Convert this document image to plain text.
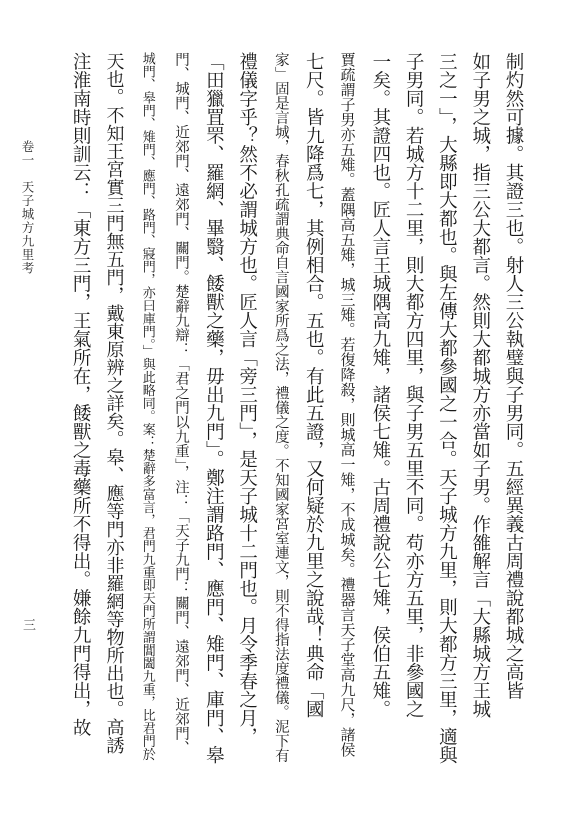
卷一　天子城方九里考
三	制灼然可據。其證三也。射人三公執璧與子男同。五經異義古周禮說都城之高皆
如子男之城，指三公大都言。然則大都城方亦當如子男。作雒解言「大縣城方王城
三之一」，大縣即大都也。與左傳大都參國之一合。天子城方九里，則大都方三里，適與
子男同。若城方十二里，則大都方四里，與子男五里不同。苟亦方五里，非參國之
一矣。其證四也。匠人言王城隅高九雉，諸侯七雉。古周禮說公七雉，侯伯五雉。
賈疏謂子男亦五雉。蓋隅高五雉，城三雉。若復降殺，則城高一雉，不成城矣。禮器言天子堂高九尺，諸侯
七尺。皆九降爲七，其例相合。五也。有此五證，又何疑於九里之說哉！典命「國
家」固是言城，春秋孔疏謂典命自言國家所爲之法，禮儀之度。不知國家宮室連文，則不得指法度禮儀。泥下有
禮儀字乎？然不必謂城方也。匠人言「旁三門」，是天子城十二門也。月令季春之月，
「田獵罝罘、羅網、畢翳、餧獸之藥，毋出九門」。鄭注謂路門、應門、雉門、庫門、皋
門、城門、近郊門、遠郊門、關門。楚辭九辯：「君之門以九重」，注：「天子九門：關門、遠郊門、近郊門、
城門、皋門、雉門、應門、路門、寢門，亦曰庫門。」與此略同。案：楚辭多富言，君門九重即天門所謂閶闔九重，比君門於
天也。不知王宮實三門無五門，戴東原辨之詳矣。皋、應等門亦非羅網等物所出也。高誘
注淮南時則訓云：「東方三門，王氣所在，餧獸之毒藥所不得出。嫌餘九門得出，故
